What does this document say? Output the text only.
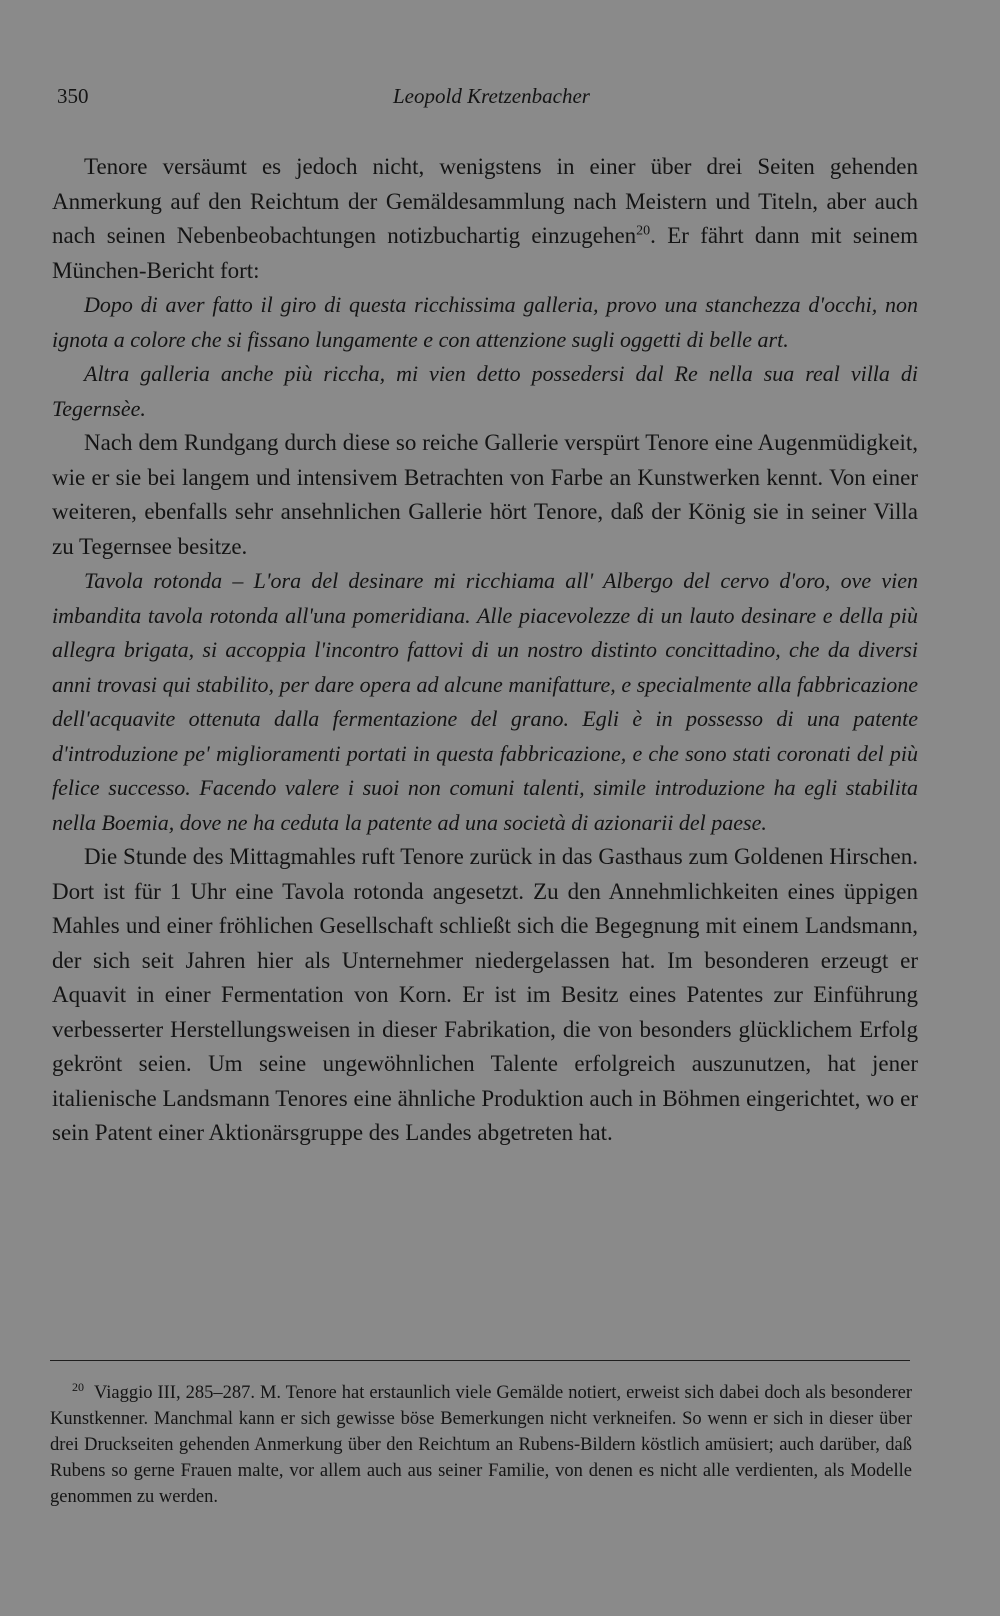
350	Leopold Kretzenbacher

Tenore versäumt es jedoch nicht, wenigstens in einer über drei Seiten gehenden Anmerkung auf den Reichtum der Gemäldesammlung nach Meistern und Titeln, aber auch nach seinen Nebenbeobachtungen notizbuchartig einzugehen$^{20}$. Er fährt dann mit seinem München-Bericht fort:

Dopo di aver fatto il giro di questa ricchissima galleria, provo una stanchezza d'occhi, non ignota a colore che si fissano lungamente e con attenzione sugli oggetti di belle art.

Altra galleria anche più riccha, mi vien detto possedersi dal Re nella sua real villa di Tegernsèe.

Nach dem Rundgang durch diese so reiche Gallerie verspürt Tenore eine Augenmüdigkeit, wie er sie bei langem und intensivem Betrachten von Farbe an Kunstwerken kennt. Von einer weiteren, ebenfalls sehr ansehnlichen Gallerie hört Tenore, daß der König sie in seiner Villa zu Tegernsee besitze.

Tavola rotonda – L'ora del desinare mi ricchiama all' Albergo del cervo d'oro, ove vien imbandita tavola rotonda all'una pomeridiana. Alle piacevolezze di un lauto desinare e della più allegra brigata, si accoppia l'incontro fattovi di un nostro distinto concittadino, che da diversi anni trovasi qui stabilito, per dare opera ad alcune manifatture, e specialmente alla fabbricazione dell'acquavite ottenuta dalla fermentazione del grano. Egli è in possesso di una patente d'introduzione pe' miglioramenti portati in questa fabbricazione, e che sono stati coronati del più felice successo. Facendo valere i suoi non comuni talenti, simile introduzione ha egli stabilita nella Boemia, dove ne ha ceduta la patente ad una società di azionarii del paese.

Die Stunde des Mittagmahles ruft Tenore zurück in das Gasthaus zum Goldenen Hirschen. Dort ist für 1 Uhr eine Tavola rotonda angesetzt. Zu den Annehmlichkeiten eines üppigen Mahles und einer fröhlichen Gesellschaft schließt sich die Begegnung mit einem Landsmann, der sich seit Jahren hier als Unternehmer niedergelassen hat. Im besonderen erzeugt er Aquavit in einer Fermentation von Korn. Er ist im Besitz eines Patentes zur Einführung verbesserter Herstellungsweisen in dieser Fabrikation, die von besonders glücklichem Erfolg gekrönt seien. Um seine ungewöhnlichen Talente erfolgreich auszunutzen, hat jener italienische Landsmann Tenores eine ähnliche Produktion auch in Böhmen eingerichtet, wo er sein Patent einer Aktionärsgruppe des Landes abgetreten hat.

$^{20}$ Viaggio III, 285–287. M. Tenore hat erstaunlich viele Gemälde notiert, erweist sich dabei doch als besonderer Kunstkenner. Manchmal kann er sich gewisse böse Bemerkungen nicht verkneifen. So wenn er sich in dieser über drei Druckseiten gehenden Anmerkung über den Reichtum an Rubens-Bildern köstlich amüsiert; auch darüber, daß Rubens so gerne Frauen malte, vor allem auch aus seiner Familie, von denen es nicht alle verdienten, als Modelle genommen zu werden.
